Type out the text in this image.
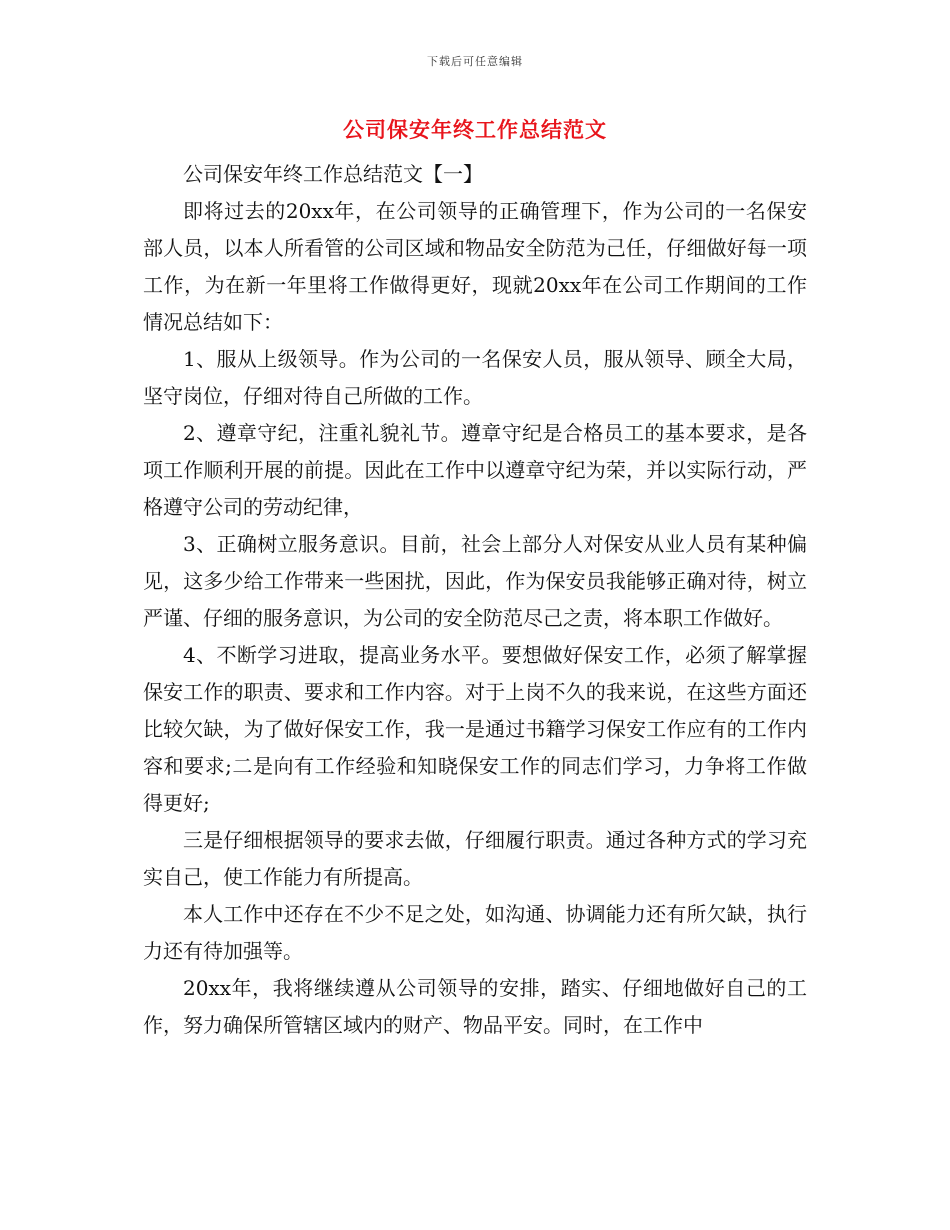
下载后可任意编辑
公司保安年终工作总结范文

公司保安年终工作总结范文【一】

即将过去的20xx年，在公司领导的正确管理下，作为公司的一名保安部人员，以本人所看管的公司区域和物品安全防范为己任，仔细做好每一项工作，为在新一年里将工作做得更好，现就20xx年在公司工作期间的工作情况总结如下：

1、服从上级领导。作为公司的一名保安人员，服从领导、顾全大局，坚守岗位，仔细对待自己所做的工作。

2、遵章守纪，注重礼貌礼节。遵章守纪是合格员工的基本要求，是各项工作顺利开展的前提。因此在工作中以遵章守纪为荣，并以实际行动，严格遵守公司的劳动纪律，

3、正确树立服务意识。目前，社会上部分人对保安从业人员有某种偏见，这多少给工作带来一些困扰，因此，作为保安员我能够正确对待，树立严谨、仔细的服务意识，为公司的安全防范尽己之责，将本职工作做好。

4、不断学习进取，提高业务水平。要想做好保安工作，必须了解掌握保安工作的职责、要求和工作内容。对于上岗不久的我来说，在这些方面还比较欠缺，为了做好保安工作，我一是通过书籍学习保安工作应有的工作内容和要求;二是向有工作经验和知晓保安工作的同志们学习，力争将工作做得更好;

三是仔细根据领导的要求去做，仔细履行职责。通过各种方式的学习充实自己，使工作能力有所提高。

本人工作中还存在不少不足之处，如沟通、协调能力还有所欠缺，执行力还有待加强等。

20xx年，我将继续遵从公司领导的安排，踏实、仔细地做好自己的工作，努力确保所管辖区域内的财产、物品平安。同时，在工作中
